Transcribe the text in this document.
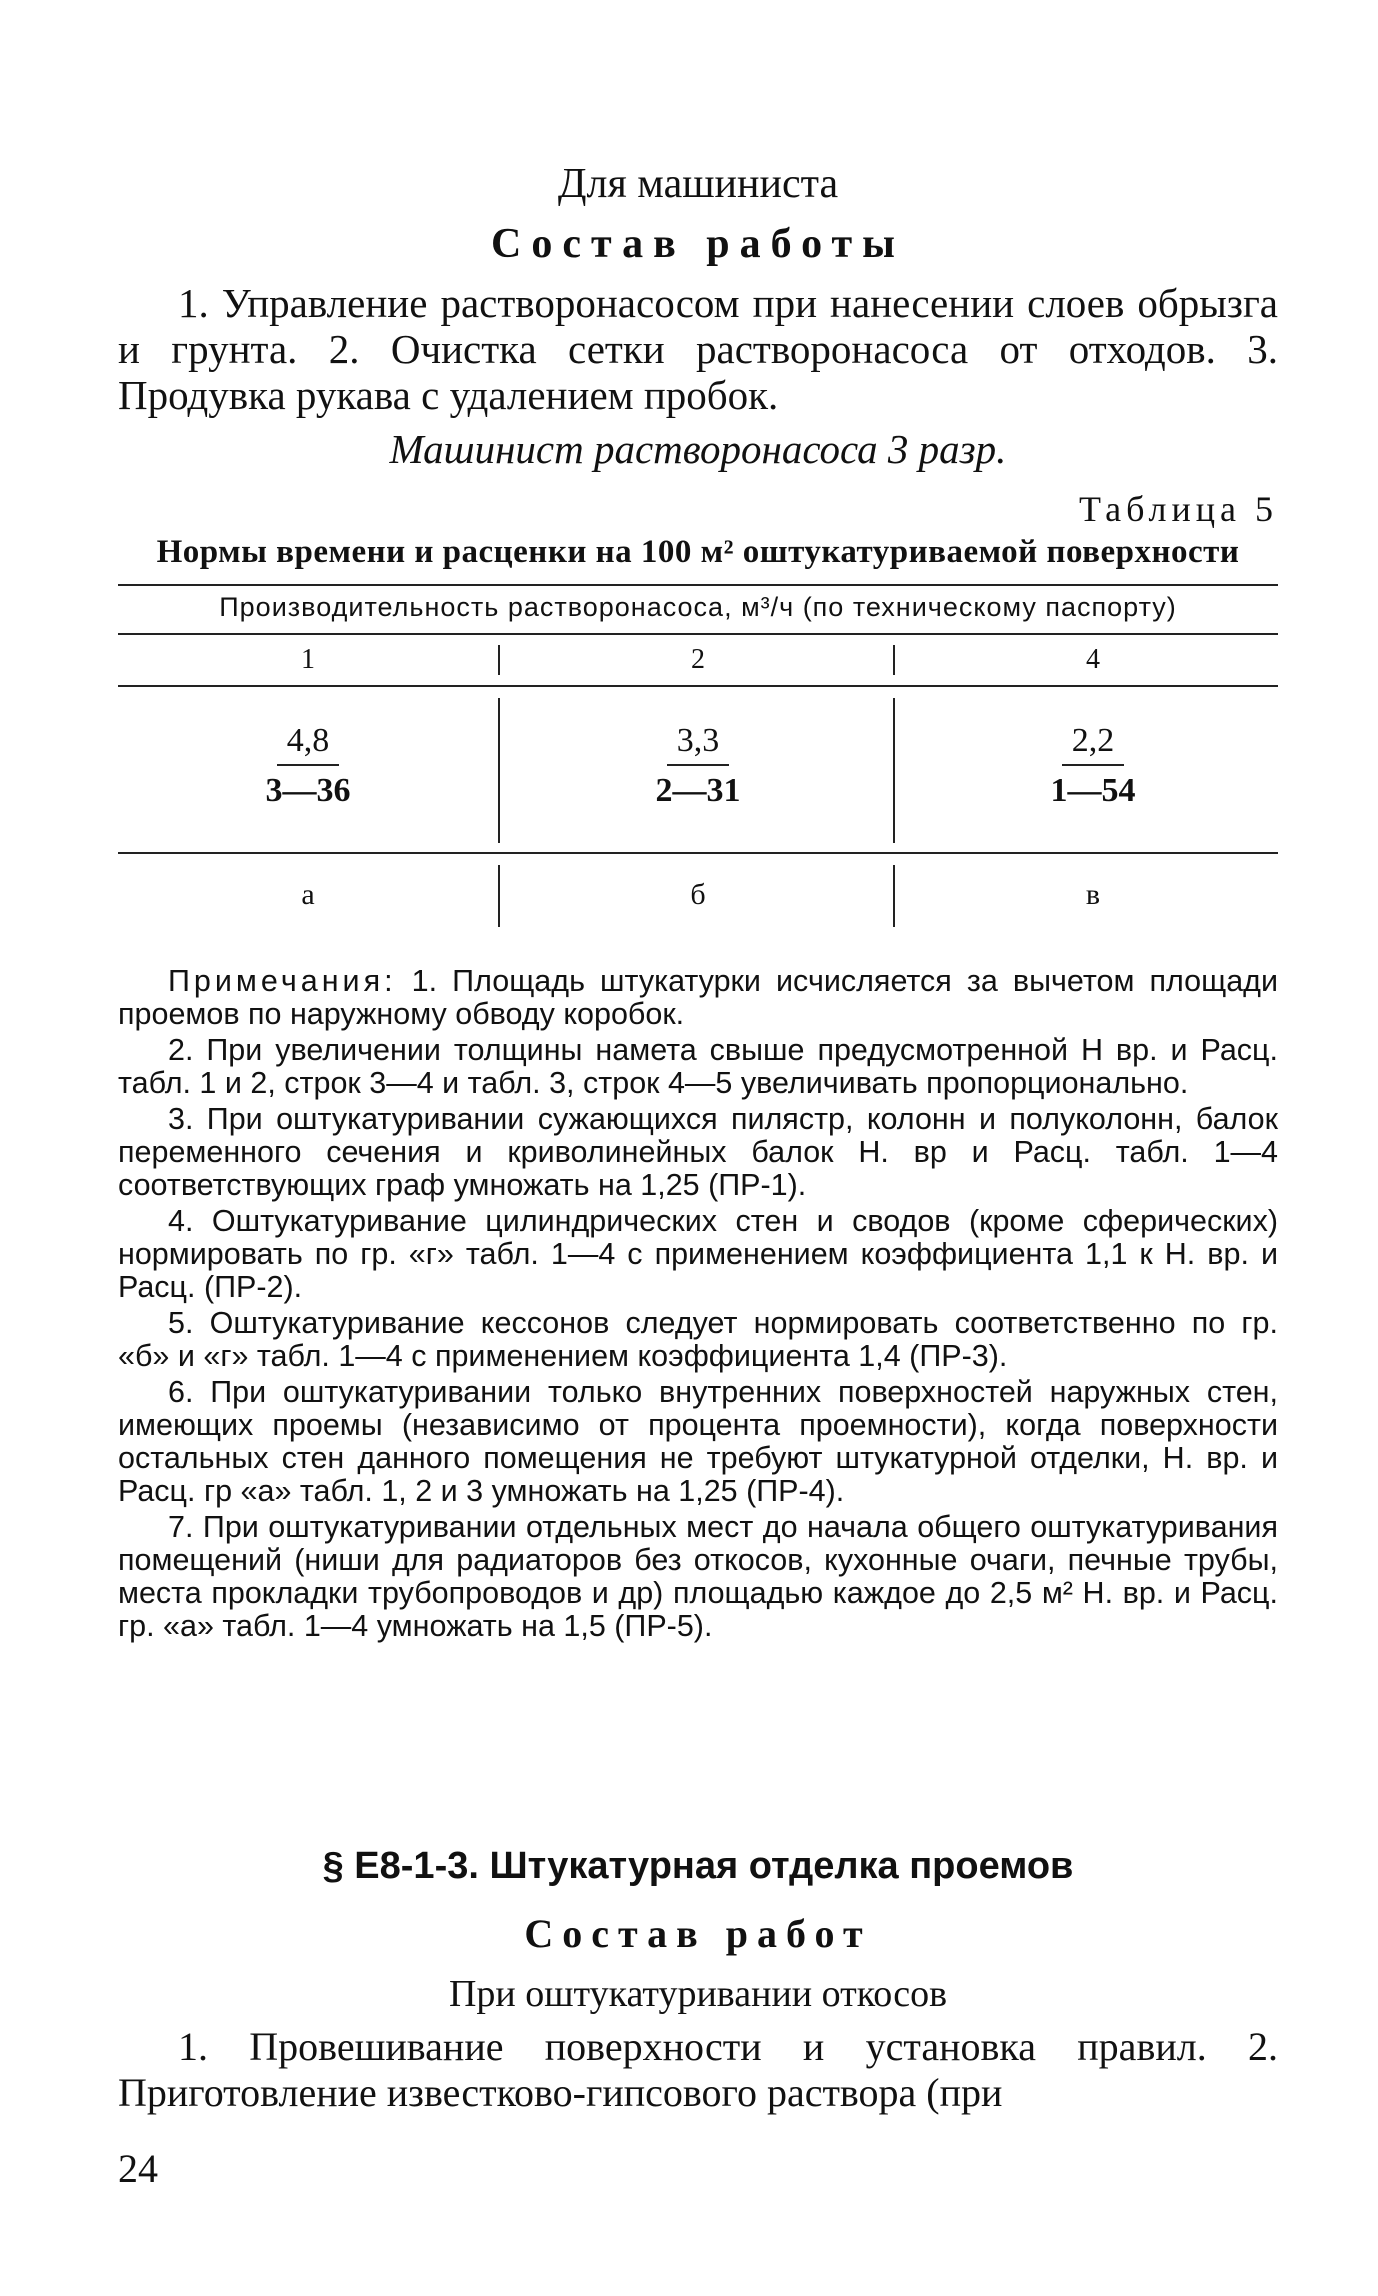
Для машиниста
Состав работы
1. Управление растворонасосом при нанесении слоев обрызга и грунта. 2. Очистка сетки растворонасоса от отходов. 3. Продувка рукава с удалением пробок.
Машинист растворонасоса 3 разр.
Таблица 5
Нормы времени и расценки на 100 м² оштукатуриваемой поверхности
Производительность растворонасоса, м³/ч (по техническому паспорту)
1	2	4
$\frac{4,8}{3—36} \frac{3,3}{2—31} \frac{2,2}{1—54}$
а	б	в

Примечания: 1. Площадь штукатурки исчисляется за вычетом площади проемов по наружному обводу коробок.

2. При увеличении толщины намета свыше предусмотренной Н вр. и Расц. табл. 1 и 2, строк 3—4 и табл. 3, строк 4—5 увеличивать пропорционально.

3. При оштукатуривании сужающихся пилястр, колонн и полуколонн, балок переменного сечения и криволинейных балок Н. вр и Расц. табл. 1—4 соответствующих граф умножать на 1,25 (ПР-1).

4. Оштукатуривание цилиндрических стен и сводов (кроме сферических) нормировать по гр. «г» табл. 1—4 с применением коэффициента 1,1 к Н. вр. и Расц. (ПР-2).

5. Оштукатуривание кессонов следует нормировать соответственно по гр. «б» и «г» табл. 1—4 с применением коэффициента 1,4 (ПР-3).

6. При оштукатуривании только внутренних поверхностей наружных стен, имеющих проемы (независимо от процента проемности), когда поверхности остальных стен данного помещения не требуют штукатурной отделки, Н. вр. и Расц. гр «а» табл. 1, 2 и 3 умножать на 1,25 (ПР-4).

7. При оштукатуривании отдельных мест до начала общего оштукатуривания помещений (ниши для радиаторов без откосов, кухонные очаги, печные трубы, места прокладки трубопроводов и др) площадью каждое до 2,5 м² Н. вр. и Расц. гр. «а» табл. 1—4 умножать на 1,5 (ПР-5).

§ Е8-1-3. Штукатурная отделка проемов
Состав работ
При оштукатуривании откосов
1. Провешивание поверхности и установка правил. 2. Приготовление известково-гипсового раствора (при
24
